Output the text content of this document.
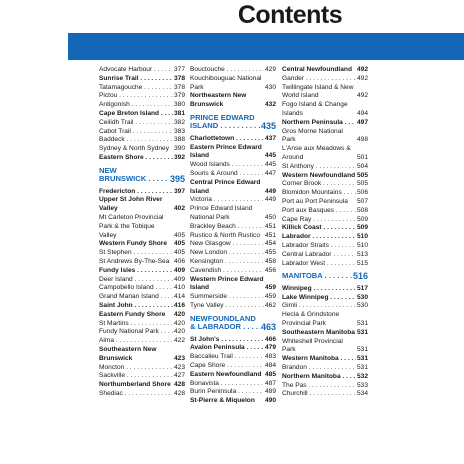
Contents
Advocate Harbour . . .	377
Sunrise Trail . . .	378
Tatamagouche . . .	378
Pictou . . .	379
Antigonish . . .	380
Cape Breton Island . . .	381
Ceilidh Trail . . .	382
Cabot Trail . . .	383
Baddeck . . .	388
Sydney & North Sydney 390
Eastern Shore . . .	392
NEW
BRUNSWICK . . .	395
Fredericton . . .	397
Upper St John River Valley	402
Mt Carleton Provincial Park & the Tobique Valley	405
Western Fundy Shore	405
St Stephen . . .	405
St Andrews By-The-Sea 406
Fundy Isles . . .	409
Deer Island . . .	409
Campobello Island . . .	410
Grand Manan Island . . .	414
Saint John . . .	416
Eastern Fundy Shore	420
St Martins . . .	420
Fundy National Park . . .	420
Alma . . .	422
Southeastern New Brunswick	423
Moncton . . .	423
Sackville . . .	427
Northumberland Shore 428
Shediac . . .	428
Bouctouche . . .	429
Kouchibouguac National Park	430
Northeastern New Brunswick	432
PRINCE EDWARD
ISLAND . . .	435
Charlottetown . . .	437
Eastern Prince Edward Island	445
Wood Islands . . .	445
Souris & Around . . .	447
Central Prince Edward Island	449
Victoria . . .	449
Prince Edward Island National Park	450
Brackley Beach . . .	451
Rustico & North Rustico 451
New Glasgow . . .	454
New London . . .	455
Kensington . . .	458
Cavendish . . .	456
Western Prince Edward Island	459
Summerside . . .	459
Tyne Valley . . .	462
NEWFOUNDLAND
& LABRADOR . . .	463
St John's . . .	466
Avalon Peninsula . . .	479
Baccalieu Trail . . .	483
Cape Shore . . .	484
Eastern Newfoundland 485
Bonavista . . .	487
Burin Peninsula . . .	489
St-Pierre & Miquelon	490
Central Newfoundland 492
Gander . . .	492
Twillingate Island & New World Island	492
Fogo Island & Change Islands	494
Northern Peninsula . . .	497
Gros Morne National Park	498
L'Anse aux Meadows & Around	501
St Anthony . . .	504
Western Newfoundland 505
Corner Brook . . .	505
Blomidon Mountains . . .	506
Port au Port Peninsula	507
Port aux Basques . . .	508
Cape Ray . . .	509
Killick Coast . . .	509
Labrador . . .	510
Labrador Straits . . .	510
Central Labrador . . .	513
Labrador West . . .	515
MANITOBA . . .	516
Winnipeg . . .	517
Lake Winnipeg . . .	530
Gimli . . .	530
Hecla & Grindstone Provincial Park	531
Southeastern Manitoba 531
Whiteshell Provincial Park	531
Western Manitoba . . .	531
Brandon . . .	531
Northern Manitoba . . .	532
The Pas . . .	533
Churchill . . .	534
